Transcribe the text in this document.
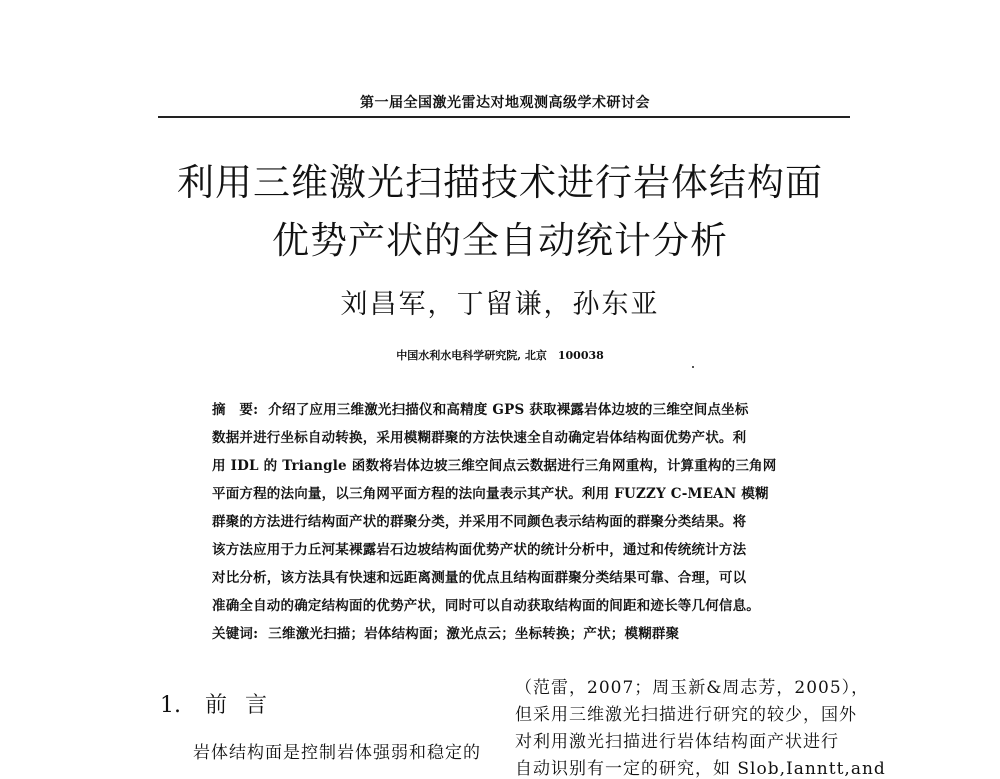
第一届全国激光雷达对地观测高级学术研讨会
利用三维激光扫描技术进行岩体结构面
优势产状的全自动统计分析
刘昌军，丁留谦，孙东亚
中国水利水电科学研究院, 北京　100038
摘　要: 介绍了应用三维激光扫描仪和高精度 GPS 获取裸露岩体边坡的三维空间点坐标
数据并进行坐标自动转换，采用模糊群聚的方法快速全自动确定岩体结构面优势产状。利
用 IDL 的 Triangle 函数将岩体边坡三维空间点云数据进行三角网重构，计算重构的三角网
平面方程的法向量，以三角网平面方程的法向量表示其产状。利用 FUZZY C-MEAN 模糊
群聚的方法进行结构面产状的群聚分类，并采用不同颜色表示结构面的群聚分类结果。将
该方法应用于力丘河某裸露岩石边坡结构面优势产状的统计分析中，通过和传统统计方法
对比分析，该方法具有快速和远距离测量的优点且结构面群聚分类结果可靠、合理，可以
准确全自动的确定结构面的优势产状，同时可以自动获取结构面的间距和迹长等几何信息。
关键词: 三维激光扫描；岩体结构面；激光点云；坐标转换；产状；模糊群聚
1. 前言
岩体结构面是控制岩体强弱和稳定的
（范雷，2007；周玉新&周志芳，2005），
但采用三维激光扫描进行研究的较少，国外
对利用激光扫描进行岩体结构面产状进行
自动识别有一定的研究，如 Slob,Ianntt,and
